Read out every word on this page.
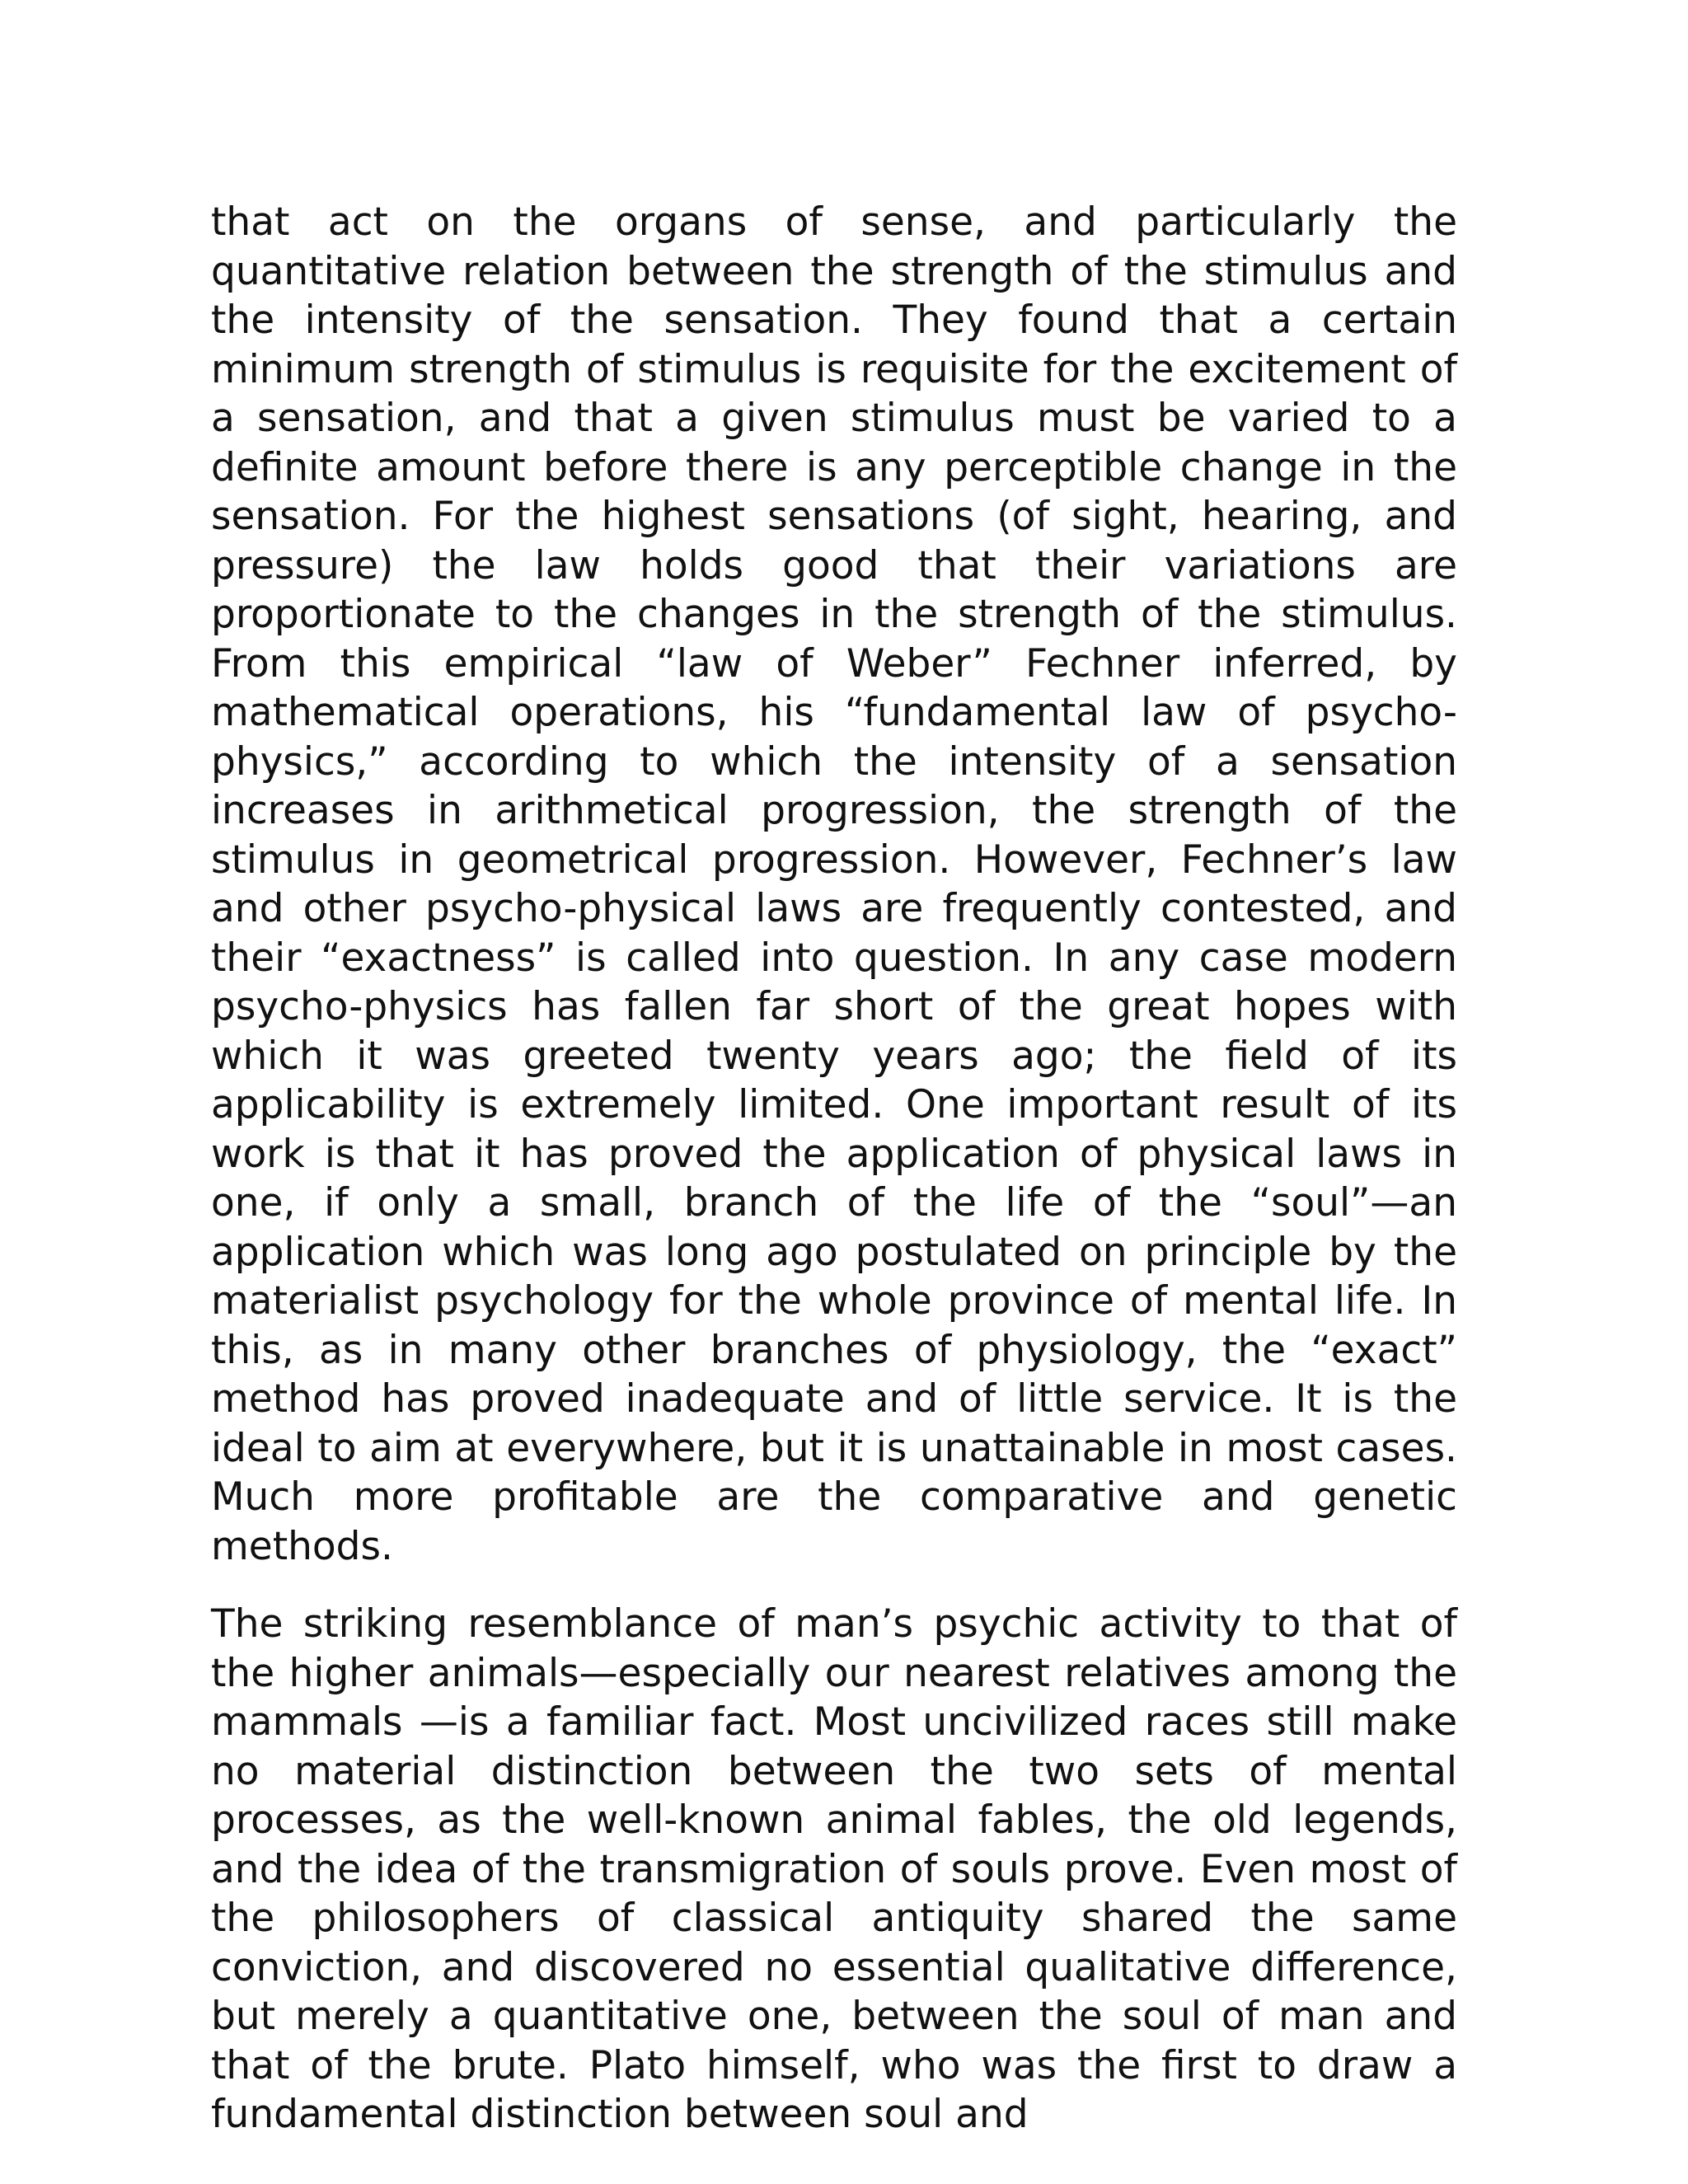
that act on the organs of sense, and particularly the quantitative relation between the strength of the stimulus and the intensity of the sensation. They found that a certain minimum strength of stimulus is requisite for the excitement of a sensation, and that a given stimulus must be varied to a definite amount before there is any perceptible change in the sensation. For the highest sensations (of sight, hearing, and pressure) the law holds good that their variations are proportionate to the changes in the strength of the stimulus. From this empirical “law of Weber” Fechner inferred, by mathematical operations, his “fundamental law of psycho-physics,” according to which the intensity of a sensation increases in arithmetical progression, the strength of the stimulus in geometrical progression. However, Fechner’s law and other psycho-physical laws are frequently contested, and their “exactness” is called into question. In any case modern psycho-physics has fallen far short of the great hopes with which it was greeted twenty years ago; the field of its applicability is extremely limited. One important result of its work is that it has proved the application of physical laws in one, if only a small, branch of the life of the “soul”—an application which was long ago postulated on principle by the materialist psychology for the whole province of mental life. In this, as in many other branches of physiology, the “exact” method has proved inadequate and of little service. It is the ideal to aim at everywhere, but it is unattainable in most cases. Much more profitable are the comparative and genetic methods.

The striking resemblance of man’s psychic activity to that of the higher animals—especially our nearest relatives among the mammals —is a familiar fact. Most uncivilized races still make no material distinction between the two sets of mental processes, as the well-known animal fables, the old legends, and the idea of the transmigration of souls prove. Even most of the philosophers of classical antiquity shared the same conviction, and discovered no essential qualitative difference, but merely a quantitative one, between the soul of man and that of the brute. Plato himself, who was the first to draw a fundamental distinction between soul and
